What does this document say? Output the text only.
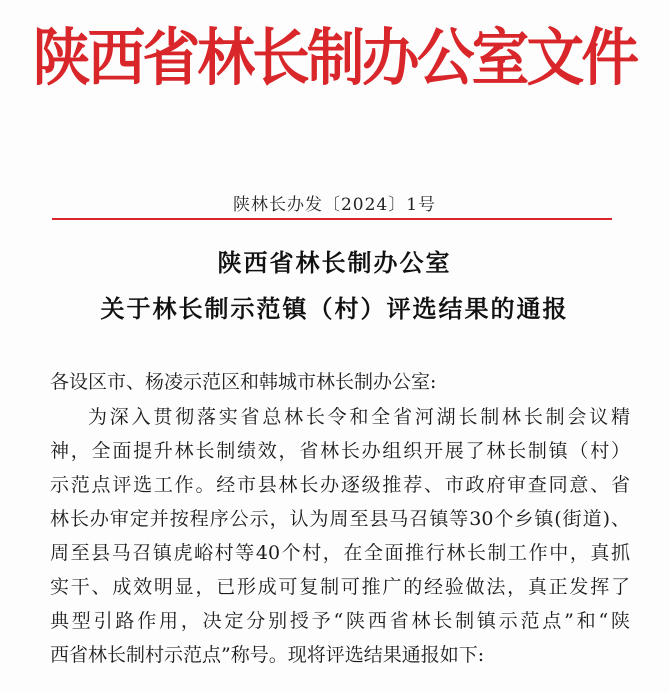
陕西省林长制办公室文件
陕林长办发〔2024〕1号
陕西省林长制办公室
关于林长制示范镇（村）评选结果的通报
各设区市、杨凌示范区和韩城市林长制办公室:
为深入贯彻落实省总林长令和全省河湖长制林长制会议精
神，全面提升林长制绩效，省林长办组织开展了林长制镇（村）
示范点评选工作。经市县林长办逐级推荐、市政府审查同意、省
林长办审定并按程序公示，认为周至县马召镇等30个乡镇(街道)、
周至县马召镇虎峪村等40个村，在全面推行林长制工作中，真抓
实干、成效明显，已形成可复制可推广的经验做法，真正发挥了
典型引路作用，决定分别授予“陕西省林长制镇示范点”和“陕
西省林长制村示范点”称号。现将评选结果通报如下:
